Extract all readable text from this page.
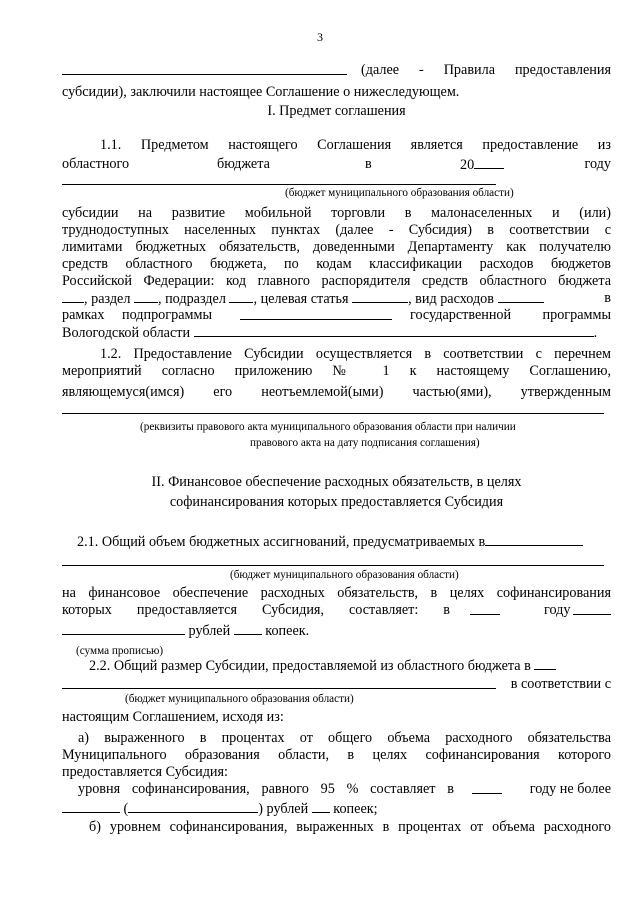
3
(далее - Правила предоставления
субсидии), заключили настоящее Соглашение о нижеследующем.
I. Предмет соглашения
1.1. Предметом настоящего Соглашения является предоставление из
областного	бюджета	в	20	году
(бюджет муниципального образования области)
субсидии на развитие мобильной торговли в малонаселенных и (или)
труднодоступных населенных пунктах (далее - Субсидия) в соответствии с
лимитами бюджетных обязательств, доведенными Департаменту как получателю
средств областного бюджета, по кодам классификации расходов бюджетов
Российской Федерации: код главного распорядителя средств областного бюджета
, раздел , подраздел , целевая статья	, вид расходов	в
рамках подпрограммы	государственной программы
Вологодской области	.
1.2. Предоставление Субсидии осуществляется в соответствии с перечнем
мероприятий согласно приложению № 1 к настоящему Соглашению,
являющемуся(имся) его неотъемлемой(ыми) частью(ями), утвержденным
(реквизиты правового акта муниципального образования области при наличии
правового акта на дату подписания соглашения)
II. Финансовое обеспечение расходных обязательств, в целях
софинансирования которых предоставляется Субсидия
2.1. Общий объем бюджетных ассигнований, предусматриваемых в
(бюджет муниципального образования области)
на финансовое обеспечение расходных обязательств, в целях софинансирования
которых предоставляется Субсидия, составляет: в	году
рублей копеек.
(сумма прописью)
2.2. Общий размер Субсидии, предоставляемой из областного бюджета в
в соответствии с
(бюджет муниципального образования области)
настоящим Соглашением, исходя из:
а) выраженного в процентах от общего объема расходного обязательства
Муниципального образования области, в целях софинансирования которого
предоставляется Субсидия:
уровня софинансирования, равного 95 % составляет в	году не более
(	) рублей копеек;
б) уровнем софинансирования, выраженных в процентах от объема расходного
